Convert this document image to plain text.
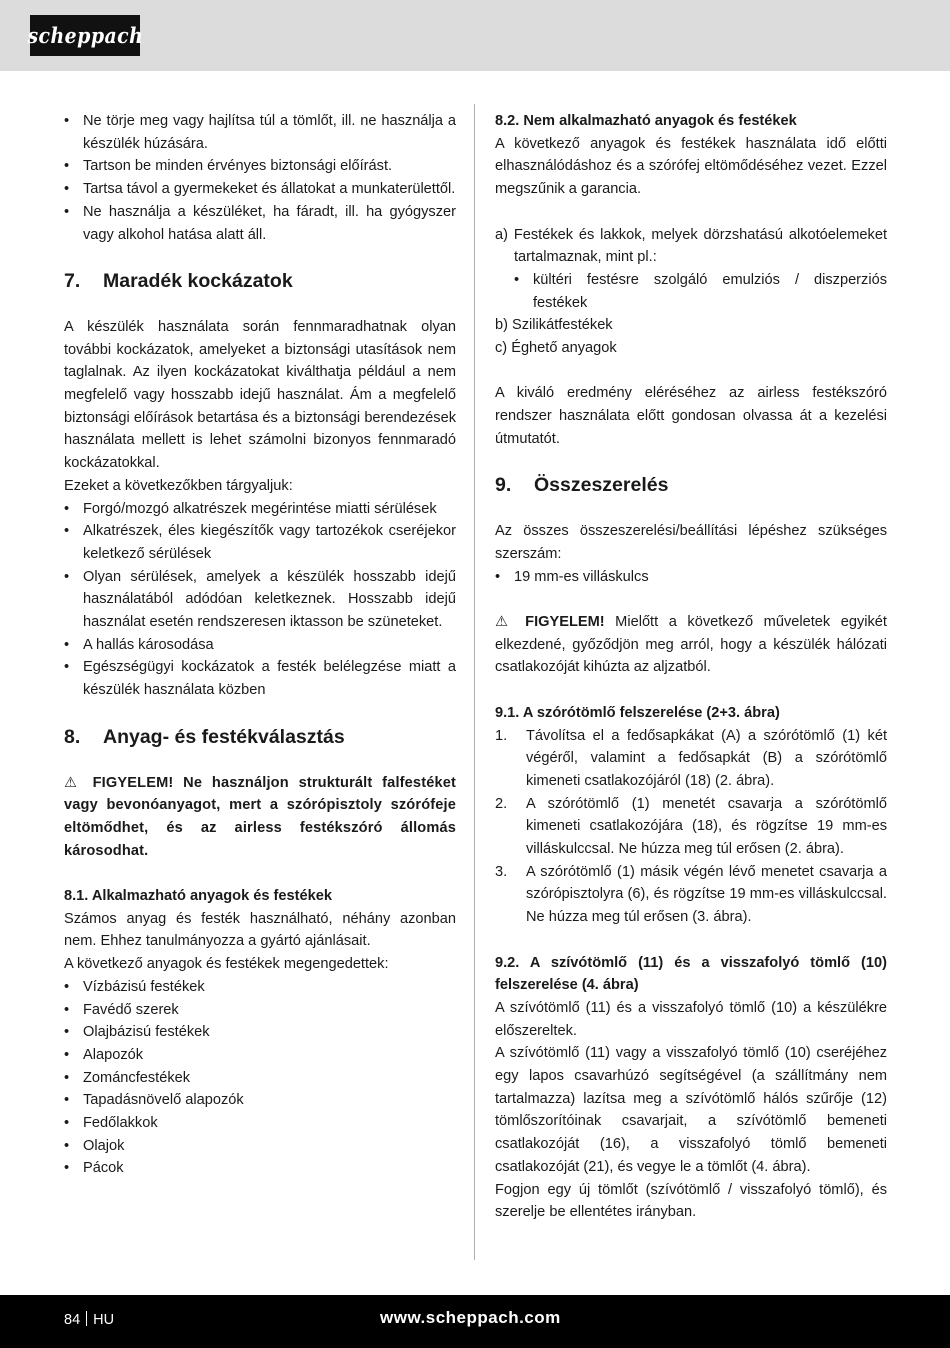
scheppach
• Ne törje meg vagy hajlítsa túl a tömlőt, ill. ne használja a készülék húzására.
• Tartson be minden érvényes biztonsági előírást.
• Tartsa távol a gyermekeket és állatokat a munkaterülettől.
• Ne használja a készüléket, ha fáradt, ill. ha gyógyszer vagy alkohol hatása alatt áll.
7.	Maradék kockázatok

A készülék használata során fennmaradhatnak olyan további kockázatok, amelyeket a biztonsági utasítások nem taglalnak. Az ilyen kockázatokat kiválthatja például a nem megfelelő vagy hosszabb idejű használat. Ám a megfelelő biztonsági előírások betartása és a biztonsági berendezések használata mellett is lehet számolni bizonyos fennmaradó kockázatokkal.

Ezeket a következőkben tárgyaljuk:

• Forgó/mozgó alkatrészek megérintése miatti sérülések
• Alkatrészek, éles kiegészítők vagy tartozékok cseréjekor keletkező sérülések
• Olyan sérülések, amelyek a készülék hosszabb idejű használatából adódóan keletkeznek. Hosszabb idejű használat esetén rendszeresen iktasson be szüneteket.
• A hallás károsodása
• Egészségügyi kockázatok a festék belélegzése miatt a készülék használata közben
8.	Anyag- és festékválasztás

⚠ FIGYELEM! Ne használjon strukturált falfestéket vagy bevonóanyagot, mert a szórópisztoly szórófeje eltömődhet, és az airless festékszóró állomás károsodhat.

8.1. Alkalmazható anyagok és festékek

Számos anyag és festék használható, néhány azonban nem. Ehhez tanulmányozza a gyártó ajánlásait.

A következő anyagok és festékek megengedettek:

• Vízbázisú festékek
• Favédő szerek
• Olajbázisú festékek
• Alapozók
• Zománcfestékek
• Tapadásnövelő alapozók
• Fedőlakkok
• Olajok
• Pácok

8.2. Nem alkalmazható anyagok és festékek

A következő anyagok és festékek használata idő előtti elhasználódáshoz és a szórófej eltömődéséhez vezet. Ezzel megszűnik a garancia.

a) Festékek és lakkok, melyek dörzshatású alkotóelemeket tartalmaznak, mint pl.:

• kültéri festésre szolgáló emulziós / diszperziós festékek

b) Szilikátfestékek

c) Éghető anyagok

A kiváló eredmény eléréséhez az airless festékszóró rendszer használata előtt gondosan olvassa át a kezelési útmutatót.

9.	Összeszerelés

Az összes összeszerelési/beállítási lépéshez szükséges szerszám:

• 19 mm-es villáskulcs

⚠ FIGYELEM! Mielőtt a következő műveletek egyikét elkezdené, győződjön meg arról, hogy a készülék hálózati csatlakozóját kihúzta az aljzatból.

9.1. A szórótömlő felszerelése (2+3. ábra)

1. Távolítsa el a fedősapkákat (A) a szórótömlő (1) két végéről, valamint a fedősapkát (B) a szórótömlő kimeneti csatlakozójáról (18) (2. ábra).
2. A szórótömlő (1) menetét csavarja a szórótömlő kimeneti csatlakozójára (18), és rögzítse 19 mm-es villáskulccsal. Ne húzza meg túl erősen (2. ábra).
3. A szórótömlő (1) másik végén lévő menetet csavarja a szórópisztolyra (6), és rögzítse 19 mm-es villáskulccsal. Ne húzza meg túl erősen (3. ábra).

9.2. A szívótömlő (11) és a visszafolyó tömlő (10) felszerelése (4. ábra)

A szívótömlő (11) és a visszafolyó tömlő (10) a készülékre előszereltek.

A szívótömlő (11) vagy a visszafolyó tömlő (10) cseréjéhez egy lapos csavarhúzó segítségével (a szállítmány nem tartalmazza) lazítsa meg a szívótömlő hálós szűrője (12) tömlőszorítóinak csavarjait, a szívótömlő bemeneti csatlakozóját (16), a visszafolyó tömlő bemeneti csatlakozóját (21), és vegye le a tömlőt (4. ábra).

Fogjon egy új tömlőt (szívótömlő / visszafolyó tömlő), és szerelje be ellentétes irányban.

84 HU	www.scheppach.com
